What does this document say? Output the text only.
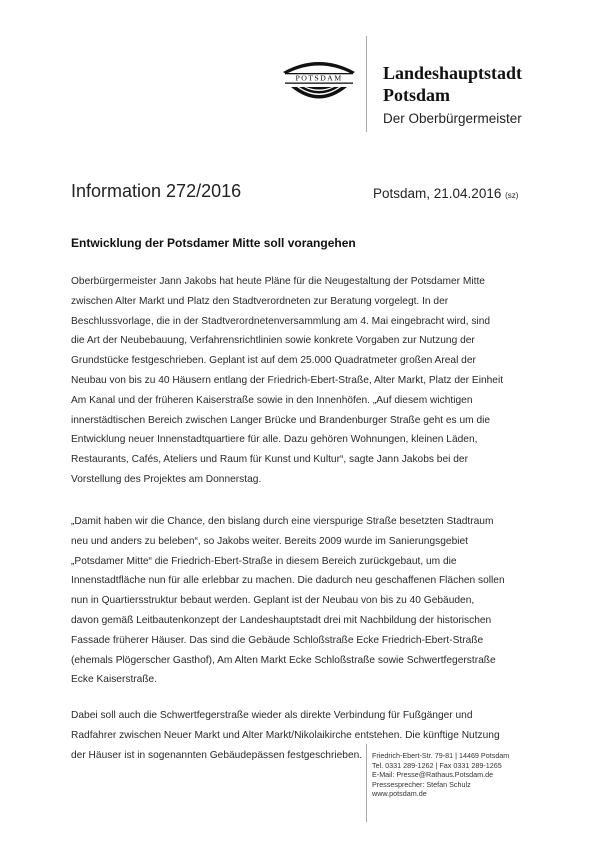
POTSDAM Landeshauptstadt
Potsdam
Der Oberbürgermeister
Information 272/2016	Potsdam, 21.04.2016 (sz)
Entwicklung der Potsdamer Mitte soll vorangehen
Oberbürgermeister Jann Jakobs hat heute Pläne für die Neugestaltung der Potsdamer Mitte
zwischen Alter Markt und Platz den Stadtverordneten zur Beratung vorgelegt. In der
Beschlussvorlage, die in der Stadtverordnetenversammlung am 4. Mai eingebracht wird, sind
die Art der Neubebauung, Verfahrensrichtlinien sowie konkrete Vorgaben zur Nutzung der
Grundstücke festgeschrieben. Geplant ist auf dem 25.000 Quadratmeter großen Areal der
Neubau von bis zu 40 Häusern entlang der Friedrich-Ebert-Straße, Alter Markt, Platz der Einheit
Am Kanal und der früheren Kaiserstraße sowie in den Innenhöfen. „Auf diesem wichtigen
innerstädtischen Bereich zwischen Langer Brücke und Brandenburger Straße geht es um die
Entwicklung neuer Innenstadtquartiere für alle. Dazu gehören Wohnungen, kleinen Läden,
Restaurants, Cafés, Ateliers und Raum für Kunst und Kultur“, sagte Jann Jakobs bei der
Vorstellung des Projektes am Donnerstag.
„Damit haben wir die Chance, den bislang durch eine vierspurige Straße besetzten Stadtraum
neu und anders zu beleben“, so Jakobs weiter. Bereits 2009 wurde im Sanierungsgebiet
„Potsdamer Mitte“ die Friedrich-Ebert-Straße in diesem Bereich zurückgebaut, um die
Innenstadtfläche nun für alle erlebbar zu machen. Die dadurch neu geschaffenen Flächen sollen
nun in Quartiersstruktur bebaut werden. Geplant ist der Neubau von bis zu 40 Gebäuden,
davon gemäß Leitbautenkonzept der Landeshauptstadt drei mit Nachbildung der historischen
Fassade früherer Häuser. Das sind die Gebäude Schloßstraße Ecke Friedrich-Ebert-Straße
(ehemals Plögerscher Gasthof), Am Alten Markt Ecke Schloßstraße sowie Schwertfegerstraße
Ecke Kaiserstraße.
Dabei soll auch die Schwertfegerstraße wieder als direkte Verbindung für Fußgänger und
Radfahrer zwischen Neuer Markt und Alter Markt/Nikolaikirche entstehen. Die künftige Nutzung
der Häuser ist in sogenannten Gebäudepässen festgeschrieben.	Friedrich-Ebert-Str. 79-81 | 14469 Potsdam
Tel. 0331 289-1262 | Fax 0331 289-1265
E-Mail: Presse@Rathaus.Potsdam.de
Pressesprecher: Stefan Schulz
www.potsdam.de
